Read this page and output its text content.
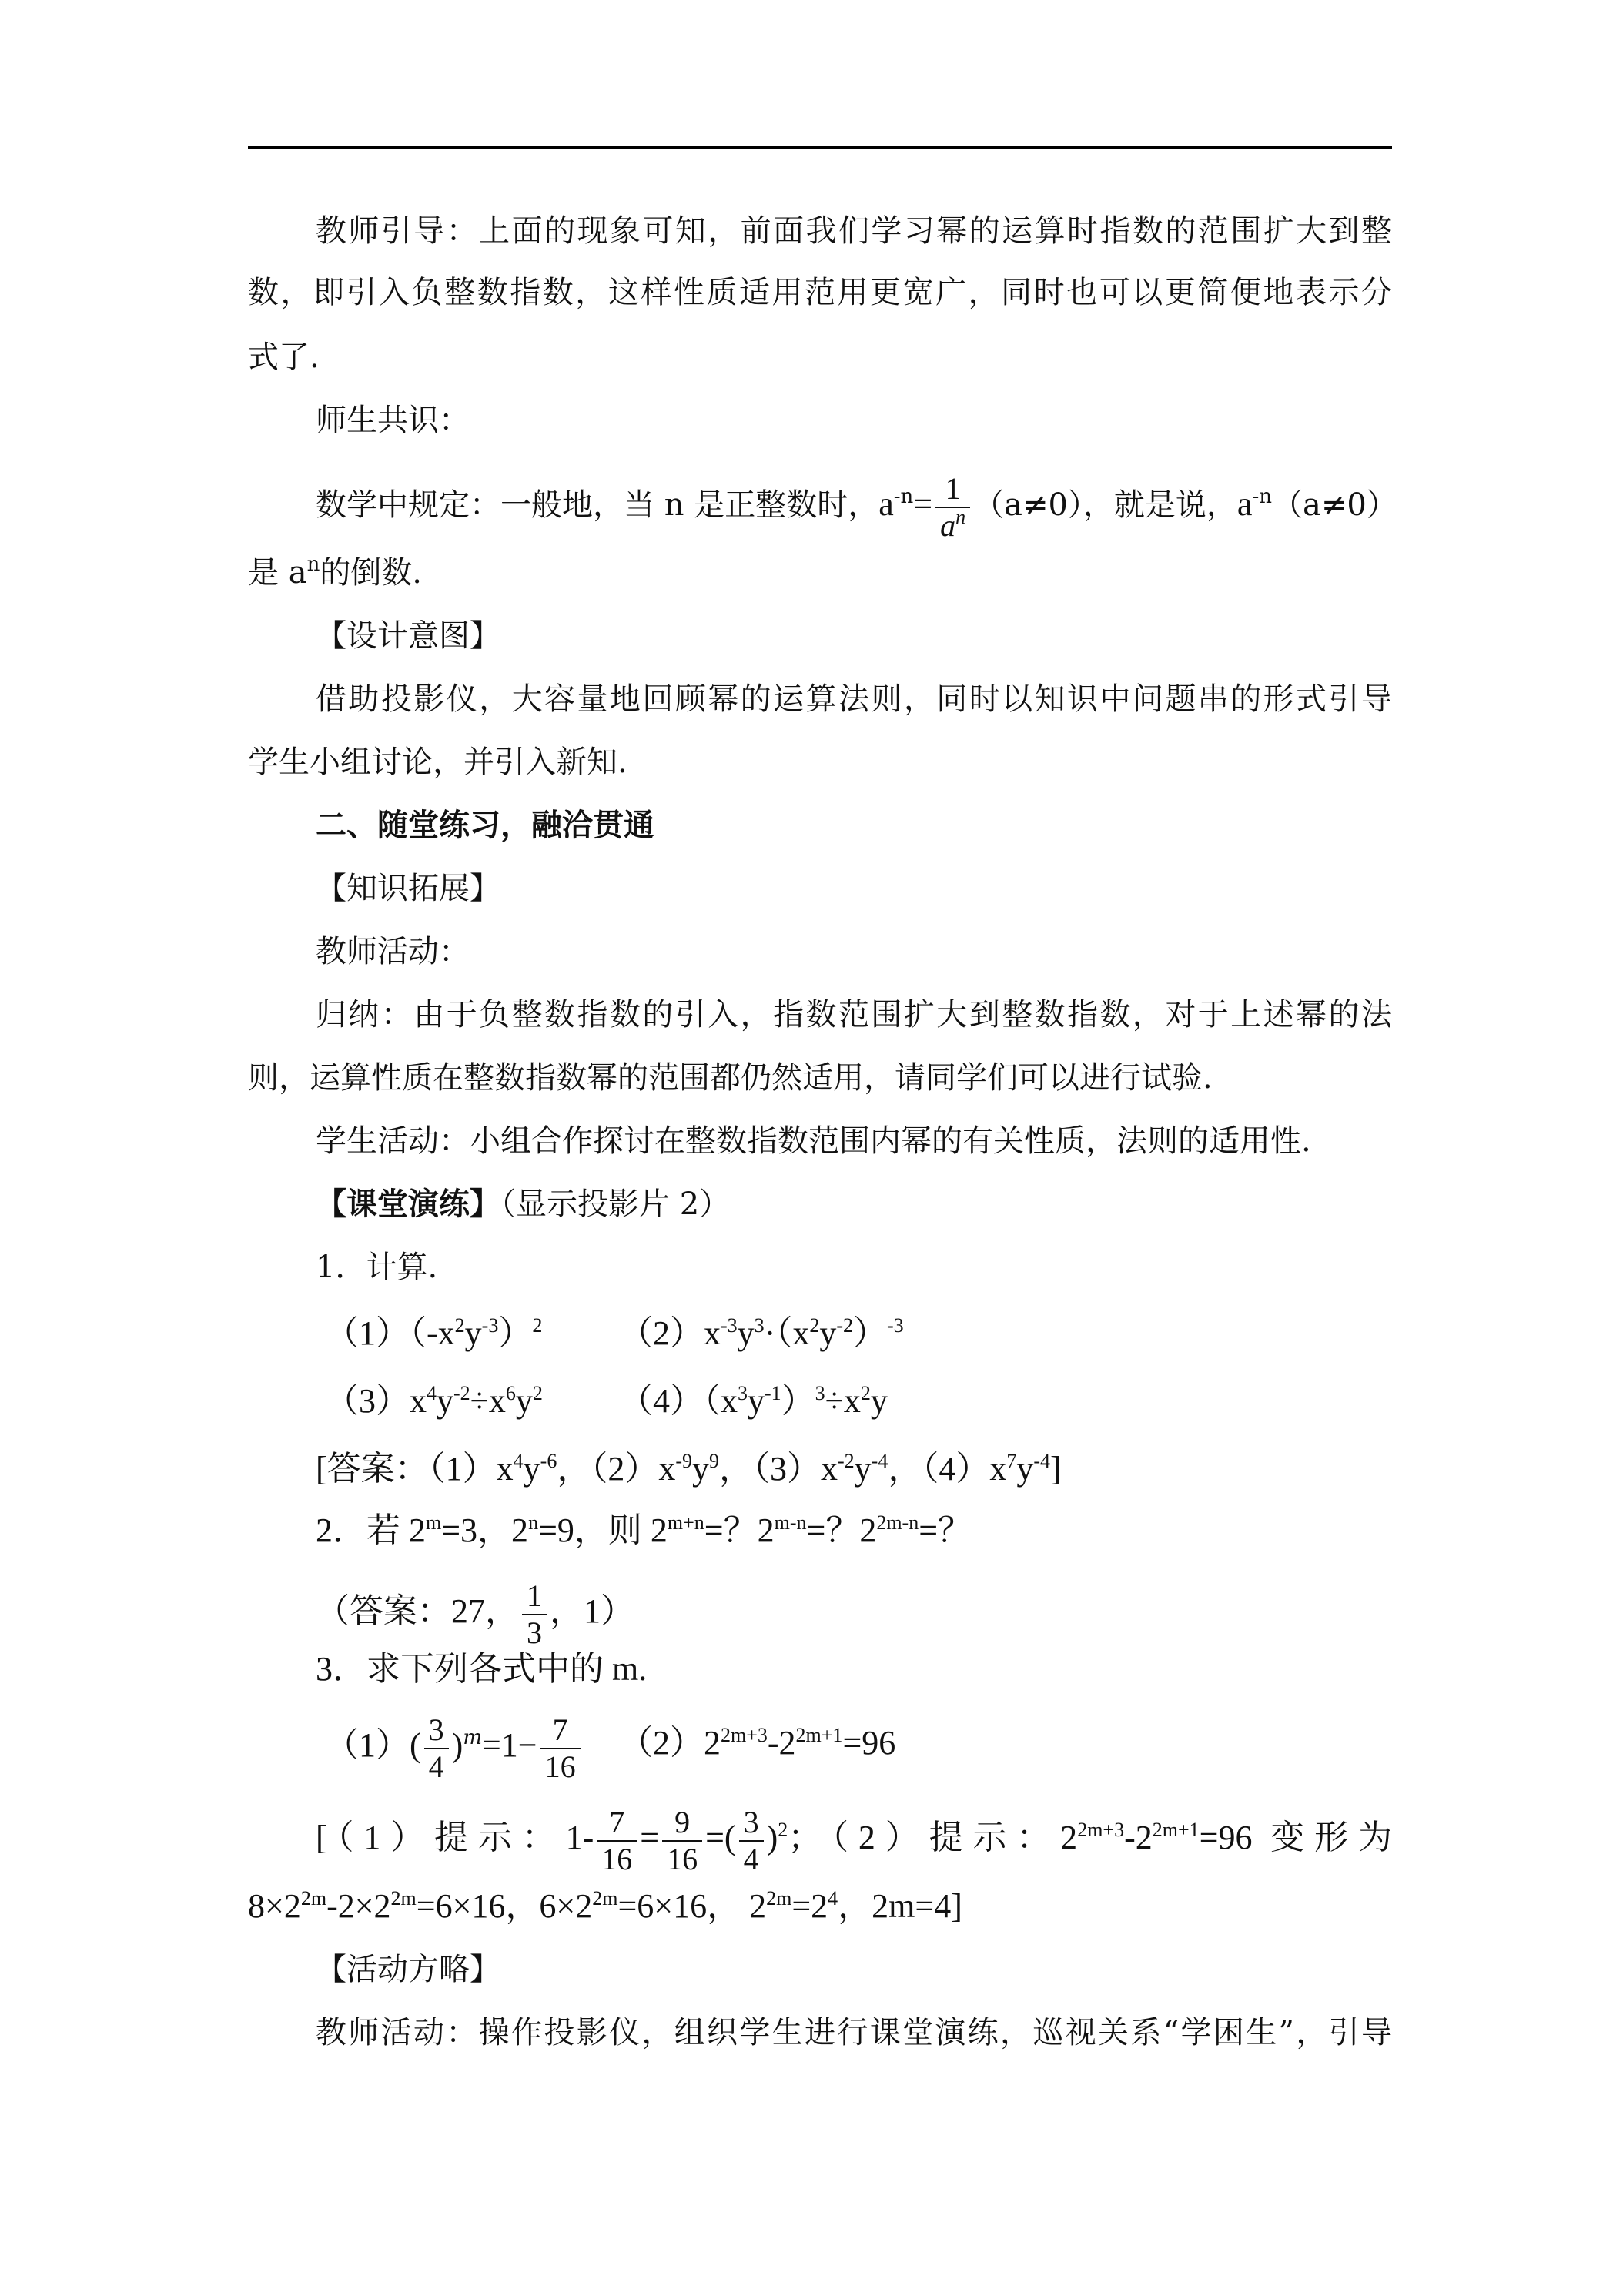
教师引导：上面的现象可知，前面我们学习幂的运算时指数的范围扩大到整
数，即引入负整数指数，这样性质适用范用更宽广，同时也可以更简便地表示分
式了.
师生共识：
数学中规定：一般地，当 n 是正整数时，$a^{-n}= \frac{1}{a^n} (a\ne 0)$，就是说，$a^{-n}(a\ne 0)$
是 $a^n$的倒数.
【设计意图】
借助投影仪，大容量地回顾幂的运算法则，同时以知识中问题串的形式引导
学生小组讨论，并引入新知.
二、随堂练习，融洽贯通
【知识拓展】
教师活动：
归纳：由于负整数指数的引入，指数范围扩大到整数指数，对于上述幂的法
则，运算性质在整数指数幂的范围都仍然适用，请同学们可以进行试验.
学生活动：小组合作探讨在整数指数范围内幂的有关性质，法则的适用性.
【课堂演练】（显示投影片 2）
1．计算.
$(1)(-x^2y^{-3})^2$ $(2)x^{-3}y^3\cdot(x^2y^{-2})^{-3}$
$(3)x^4y^{-2}\div x^6y^2$ $(4)(x^3y^{-1})^3\div x^2y$
[答案：$(1)x^4y^{-6}$，$(2)x^{-9}y^9$，$(3)x^{-2}y^{-4}$，$(4)x^7y^{-4}$]
2．若 $2^m=3$，$2^n=9$，则 $2^{m+n}=$？$2^{m-n}=$？$2^{2m-n}=$？
（答案：27， $\frac{1}{3}$ ，1）
3．求下列各式中的 m.
$(1)( \frac{3}{4} )^m=1- \frac{7}{16} (2)2^{2m+3}-2^{2m+1}=96$
[（1）提示：$1- \frac{7}{16} = \frac{9}{16}$ =( $\frac{3}{4} )^2$；（2）提示：$2^{2m+3}-2^{2m+1}=96$ 变形为
$8\times 2^{2m}-2\times 2^{2m}=6\times 16$，$6\times 2^{2m}=6\times 16$， $2^{2m}=2^4$，2m=4]
【活动方略】
教师活动：操作投影仪，组织学生进行课堂演练，巡视关系“学困生”，引导
